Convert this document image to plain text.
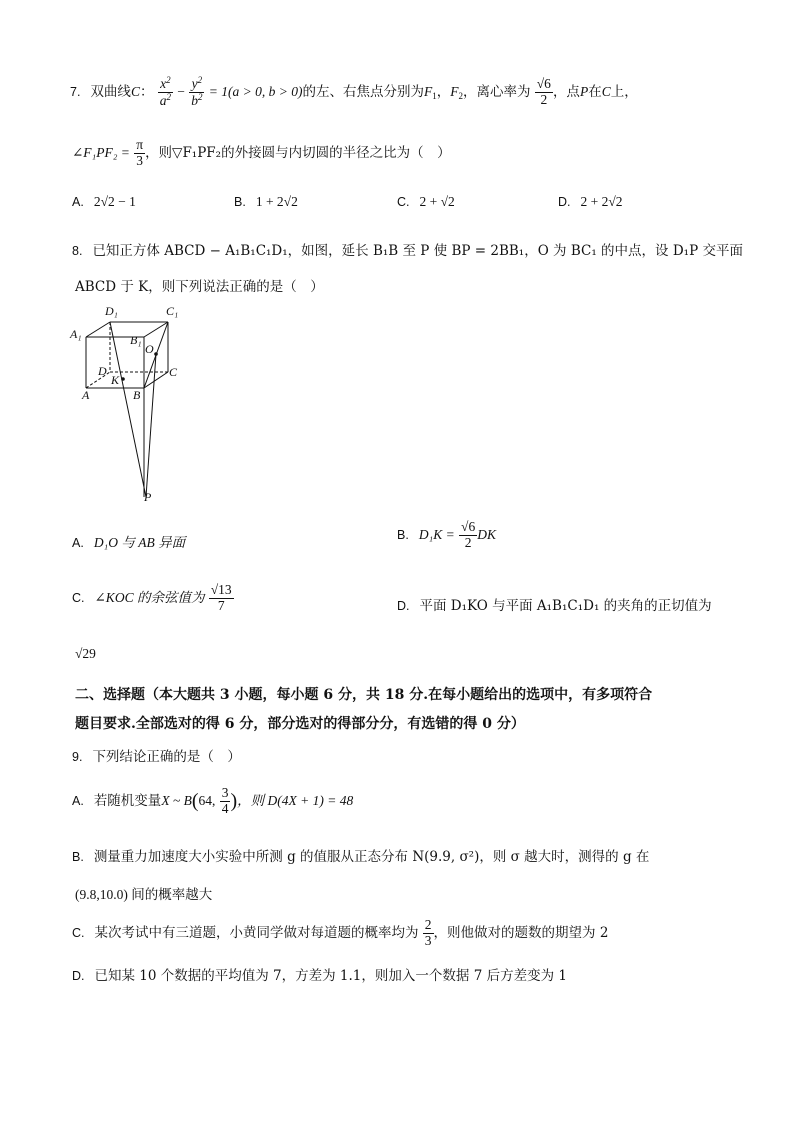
7. 双曲线C： $\frac{x^2}{a^2} - \frac{y^2}{b^2} = 1(a > 0$, b > 0)的左、右焦点分别为$F_1$，$F_2$，离心率为 $\frac{√6}{2}$ ，点P在C上，
∠F₁PF₂ = $\frac{\pi}{3}$ ，则▽F₁PF₂的外接圆与内切圆的半径之比为（　）
A. 2√2 − 1	B. 1 + 2√2	C. 2 + √2	D. 2 + 2√2
8. 已知正方体 ABCD − A₁B₁C₁D₁，如图，延长 B₁B 至 P 使 BP = 2BB₁，O 为 BC₁ 的中点，设 D₁P 交平面
ABCD 于 K，则下列说法正确的是（　）
D₁	C₁
A₁	B₁
O
D
K
C
A	B
P
A. D₁O 与 AB 异面
B. $D_1K = \frac{√6}{2}$ DK
C. ∠KOC 的余弦值为 $\frac{√13}{7}$	D. 平面 D₁KO 与平面 A₁B₁C₁D₁ 的夹角的正切值为
√29
二、选择题（本大题共 3 小题，每小题 6 分，共 18 分.在每小题给出的选项中，有多项符合
题目要求.全部选对的得 6 分，部分选对的得部分分，有选错的得 0 分）
9. 下列结论正确的是（　）
A. 若随机变量X ~ B(64, $\frac{3}{4}$ )，则 D(4X + 1) = 48
B. 测量重力加速度大小实验中所测 g 的值服从正态分布 N(9.9, σ²)，则 σ 越大时，测得的 g 在
(9.8,10.0) 间的概率越大
C. 某次考试中有三道题，小黄同学做对每道题的概率均为 $\frac{2}{3}$ ，则他做对的题数的期望为 2
D. 已知某 10 个数据的平均值为 7，方差为 1.1，则加入一个数据 7 后方差变为 1
